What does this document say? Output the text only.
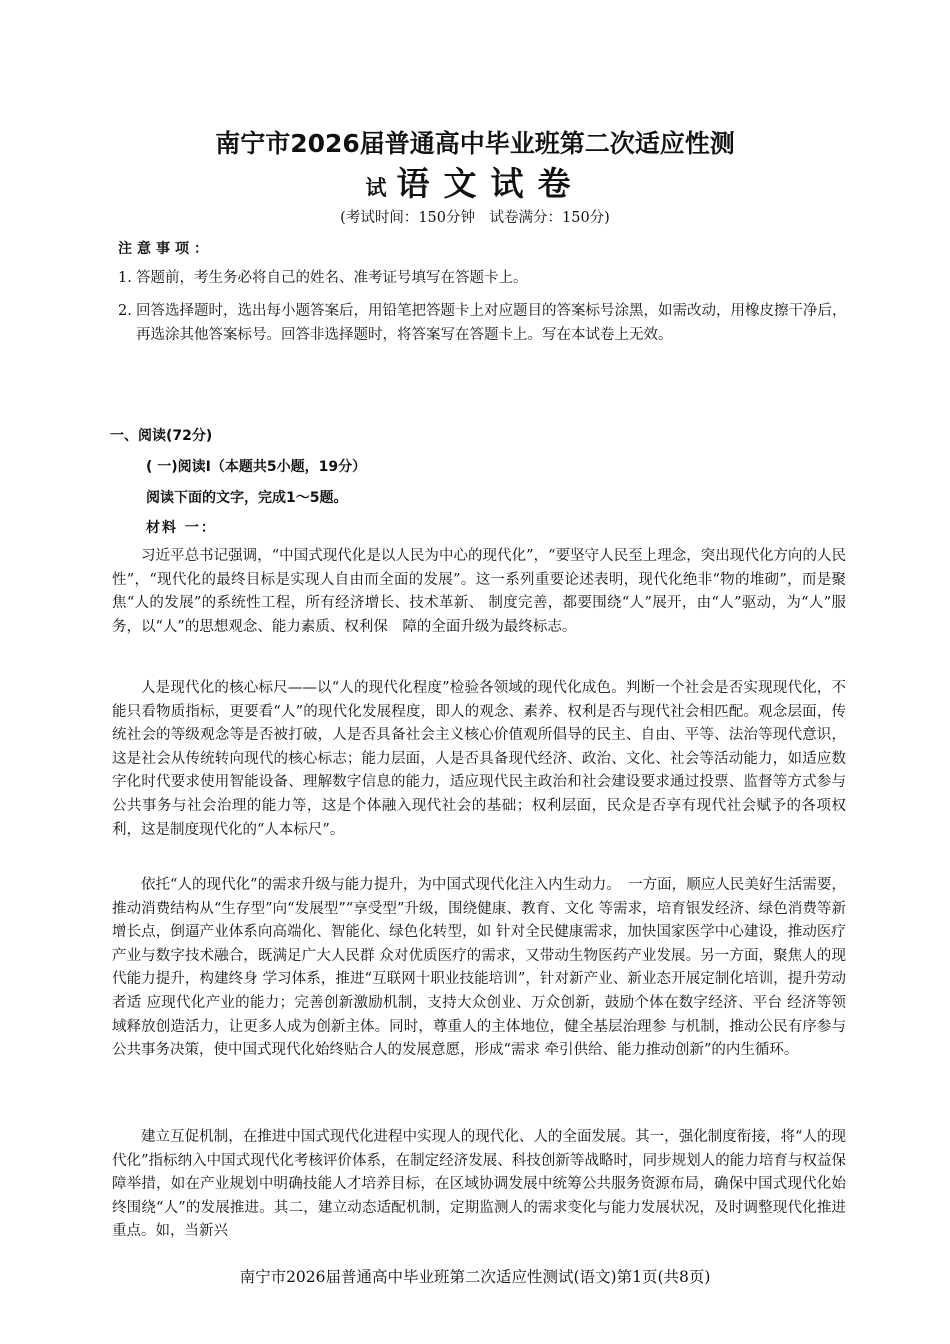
南宁市2026届普通高中毕业班第二次适应性测
试 语文试卷
(考试时间：150分钟　试卷满分：150分)
注意事项：
1. 答题前，考生务必将自己的姓名、准考证号填写在答题卡上。
2. 回答选择题时，选出每小题答案后，用铅笔把答题卡上对应题目的答案标号涂黑，如需改动，用橡皮擦干净后，再选涂其他答案标号。回答非选择题时，将答案写在答题卡上。写在本试卷上无效。
一、阅读(72分)
( 一)阅读Ⅰ（本题共5小题，19分）
阅读下面的文字，完成1～5题。
材料 一：

习近平总书记强调，“中国式现代化是以人民为中心的现代化”，“要坚守人民至上理念，突出现代化方向的人民性”，“现代化的最终目标是实现人自由而全面的发展”。这一系列重要论述表明，现代化绝非“物的堆砌”，而是聚焦“人的发展”的系统性工程，所有经济增长、技术革新、 制度完善，都要围绕“人”展开，由“人”驱动，为“人”服务，以“人”的思想观念、能力素质、权利保　障的全面升级为最终标志。

人是现代化的核心标尺——以“人的现代化程度”检验各领域的现代化成色。判断一个社会是否实现现代化，不能只看物质指标，更要看“人”的现代化发展程度，即人的观念、素养、权利是否与现代社会相匹配。观念层面，传统社会的等级观念等是否被打破，人是否具备社会主义核心价值观所倡导的民主、自由、平等、法治等现代意识，这是社会从传统转向现代的核心标志；能力层面，人是否具备现代经济、政治、文化、社会等活动能力，如适应数字化时代要求使用智能设备、理解数字信息的能力，适应现代民主政治和社会建设要求通过投票、监督等方式参与公共事务与社会治理的能力等，这是个体融入现代社会的基础；权利层面，民众是否享有现代社会赋予的各项权利，这是制度现代化的“人本标尺”。

依托“人的现代化”的需求升级与能力提升，为中国式现代化注入内生动力。　一方面，顺应人民美好生活需要，推动消费结构从“生存型”向“发展型”“享受型”升级，围绕健康、教育、文化 等需求，培育银发经济、绿色消费等新增长点，倒逼产业体系向高端化、智能化、绿色化转型，如 针对全民健康需求，加快国家医学中心建设，推动医疗产业与数字技术融合，既满足广大人民群 众对优质医疗的需求，又带动生物医药产业发展。另一方面，聚焦人的现代能力提升，构建终身 学习体系，推进“互联网十职业技能培训”，针对新产业、新业态开展定制化培训，提升劳动者适 应现代化产业的能力；完善创新激励机制，支持大众创业、万众创新，鼓励个体在数字经济、平台 经济等领域释放创造活力，让更多人成为创新主体。同时，尊重人的主体地位，健全基层治理参 与机制，推动公民有序参与公共事务决策，使中国式现代化始终贴合人的发展意愿，形成“需求 牵引供给、能力推动创新”的内生循环。

建立互促机制，在推进中国式现代化进程中实现人的现代化、人的全面发展。其一，强化制度衔接，将“人的现代化”指标纳入中国式现代化考核评价体系，在制定经济发展、科技创新等战略时，同步规划人的能力培育与权益保障举措，如在产业规划中明确技能人才培养目标，在区域协调发展中统筹公共服务资源布局，确保中国式现代化始终围绕“人”的发展推进。其二，建立动态适配机制，定期监测人的需求变化与能力发展状况，及时调整现代化推进重点。如，当新兴

南宁市2026届普通高中毕业班第二次适应性测试(语文)第1页(共8页)
